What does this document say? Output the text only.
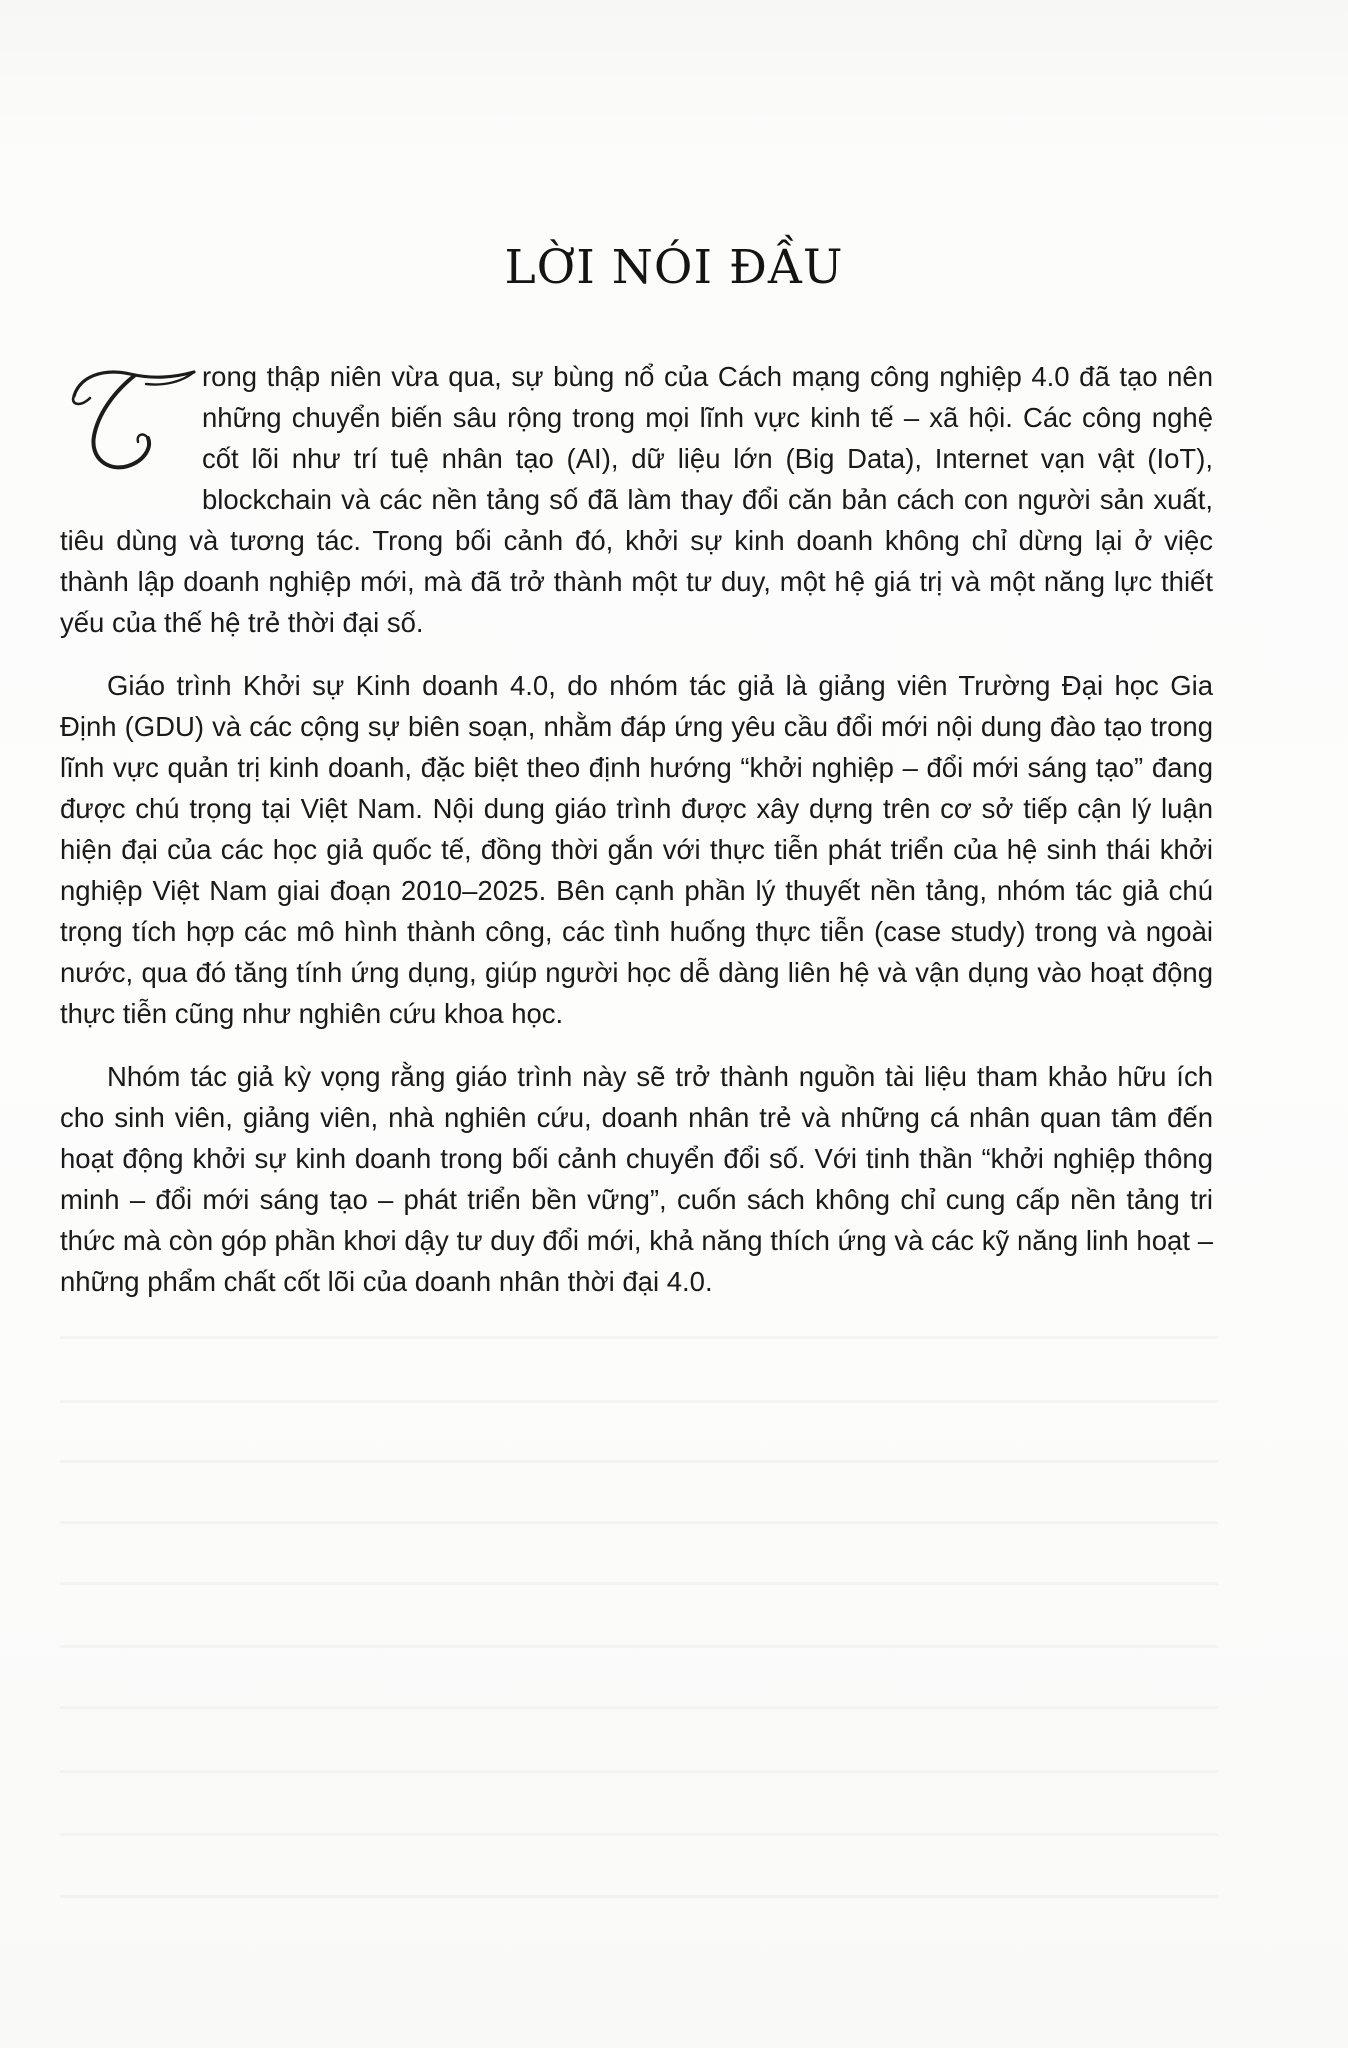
LỜI NÓI ĐẦU

rong thập niên vừa qua, sự bùng nổ của Cách mạng công nghiệp 4.0 đã tạo nên những chuyển biến sâu rộng trong mọi lĩnh vực kinh tế – xã hội. Các công nghệ cốt lõi như trí tuệ nhân tạo (AI), dữ liệu lớn (Big Data), Internet vạn vật (IoT), blockchain và các nền tảng số đã làm thay đổi căn bản cách con người sản xuất, tiêu dùng và tương tác. Trong bối cảnh đó, khởi sự kinh doanh không chỉ dừng lại ở việc thành lập doanh nghiệp mới, mà đã trở thành một tư duy, một hệ giá trị và một năng lực thiết yếu của thế hệ trẻ thời đại số.

Giáo trình Khởi sự Kinh doanh 4.0, do nhóm tác giả là giảng viên Trường Đại học Gia Định (GDU) và các cộng sự biên soạn, nhằm đáp ứng yêu cầu đổi mới nội dung đào tạo trong lĩnh vực quản trị kinh doanh, đặc biệt theo định hướng “khởi nghiệp – đổi mới sáng tạo” đang được chú trọng tại Việt Nam. Nội dung giáo trình được xây dựng trên cơ sở tiếp cận lý luận hiện đại của các học giả quốc tế, đồng thời gắn với thực tiễn phát triển của hệ sinh thái khởi nghiệp Việt Nam giai đoạn 2010–2025. Bên cạnh phần lý thuyết nền tảng, nhóm tác giả chú trọng tích hợp các mô hình thành công, các tình huống thực tiễn (case study) trong và ngoài nước, qua đó tăng tính ứng dụng, giúp người học dễ dàng liên hệ và vận dụng vào hoạt động thực tiễn cũng như nghiên cứu khoa học.

Nhóm tác giả kỳ vọng rằng giáo trình này sẽ trở thành nguồn tài liệu tham khảo hữu ích cho sinh viên, giảng viên, nhà nghiên cứu, doanh nhân trẻ và những cá nhân quan tâm đến hoạt động khởi sự kinh doanh trong bối cảnh chuyển đổi số. Với tinh thần “khởi nghiệp thông minh – đổi mới sáng tạo – phát triển bền vững”, cuốn sách không chỉ cung cấp nền tảng tri thức mà còn góp phần khơi dậy tư duy đổi mới, khả năng thích ứng và các kỹ năng linh hoạt – những phẩm chất cốt lõi của doanh nhân thời đại 4.0.
